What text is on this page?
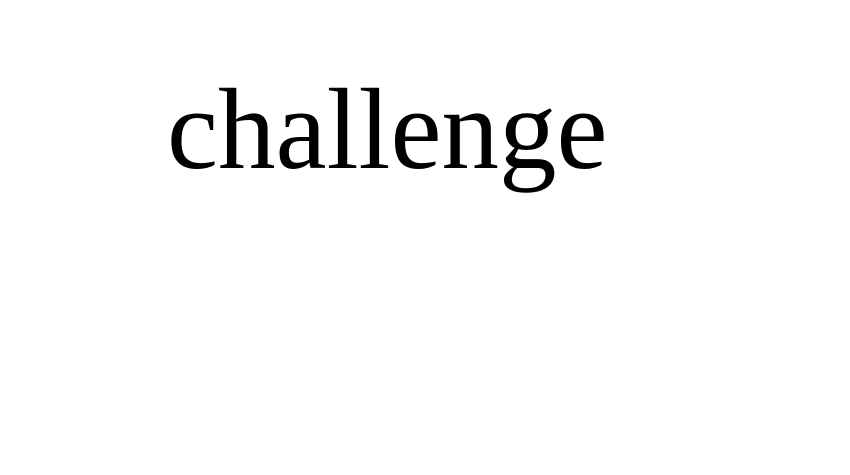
challenge
